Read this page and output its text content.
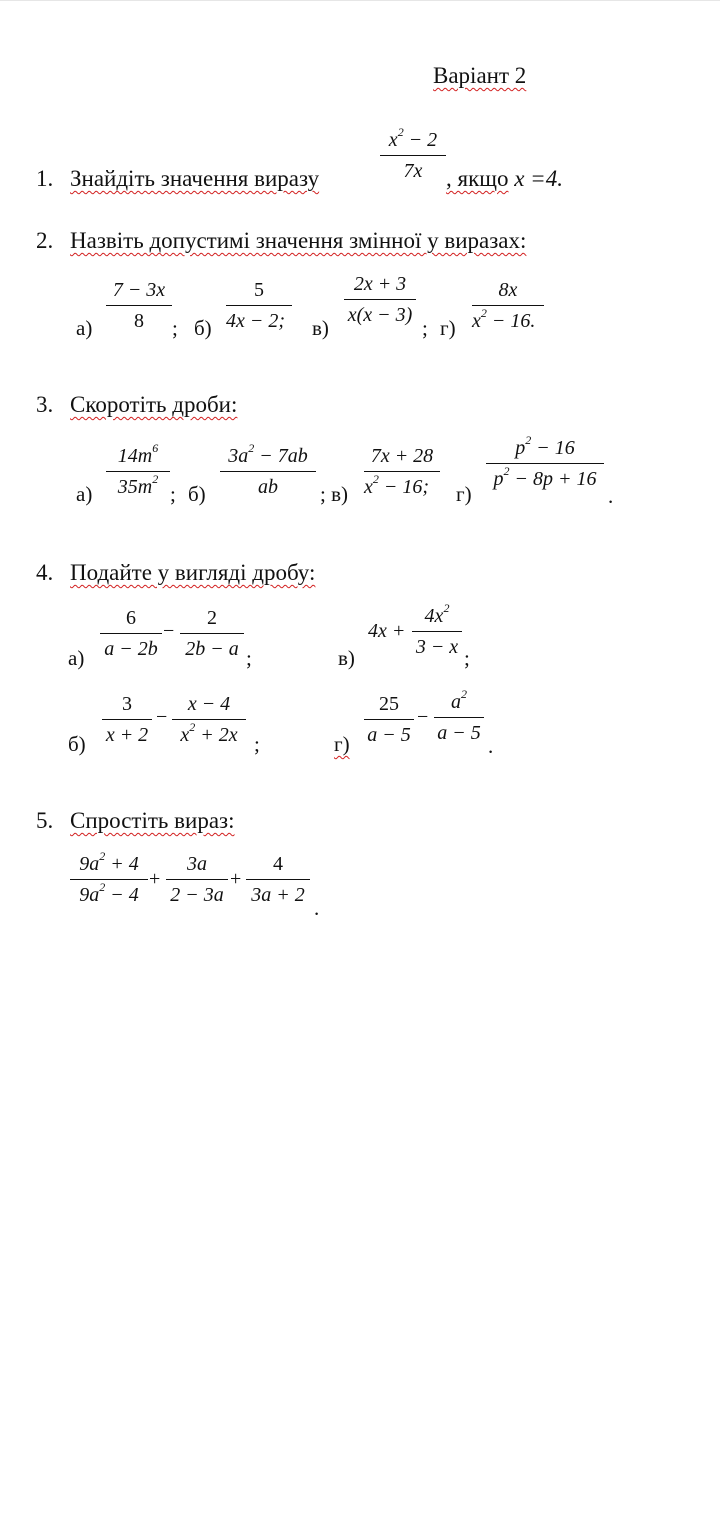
Варіант 2
1. Знайдіть значення виразу
$x^2 - 2$
7x	, якщо x =4.
2. Назвіть допустимі значення змінної у виразах:
а)
7 − 3x
8	; б)
5
4x − 2;	в)
2x + 3
x(x − 3)
; г)
8x
$x^2 - 16$.
3. Скоротіть дроби:
а)
$14m^6$
$35m^2$
; б)
$3a^2 - 7ab$
ab	; в)
7x + 28
$x^2 - 16$;	г)
$p^2 - 16$
$p^2 - 8p + 16$
.
4. Подайте у вигляді дробу:
а)
6
a − 2b
−
2
2b − a ;	в)
4x +
$4x^2$
3 − x ;
б)
3
x + 2
−
x − 4
$x^2 + 2x$ ;	г)
25
a − 5
−
$a^2$
a − 5
.
5. Спростіть вираз:
$9a^2 + 4$
$9a^2 - 4$
+
3a
2 − 3a
+
4
3a + 2
.
